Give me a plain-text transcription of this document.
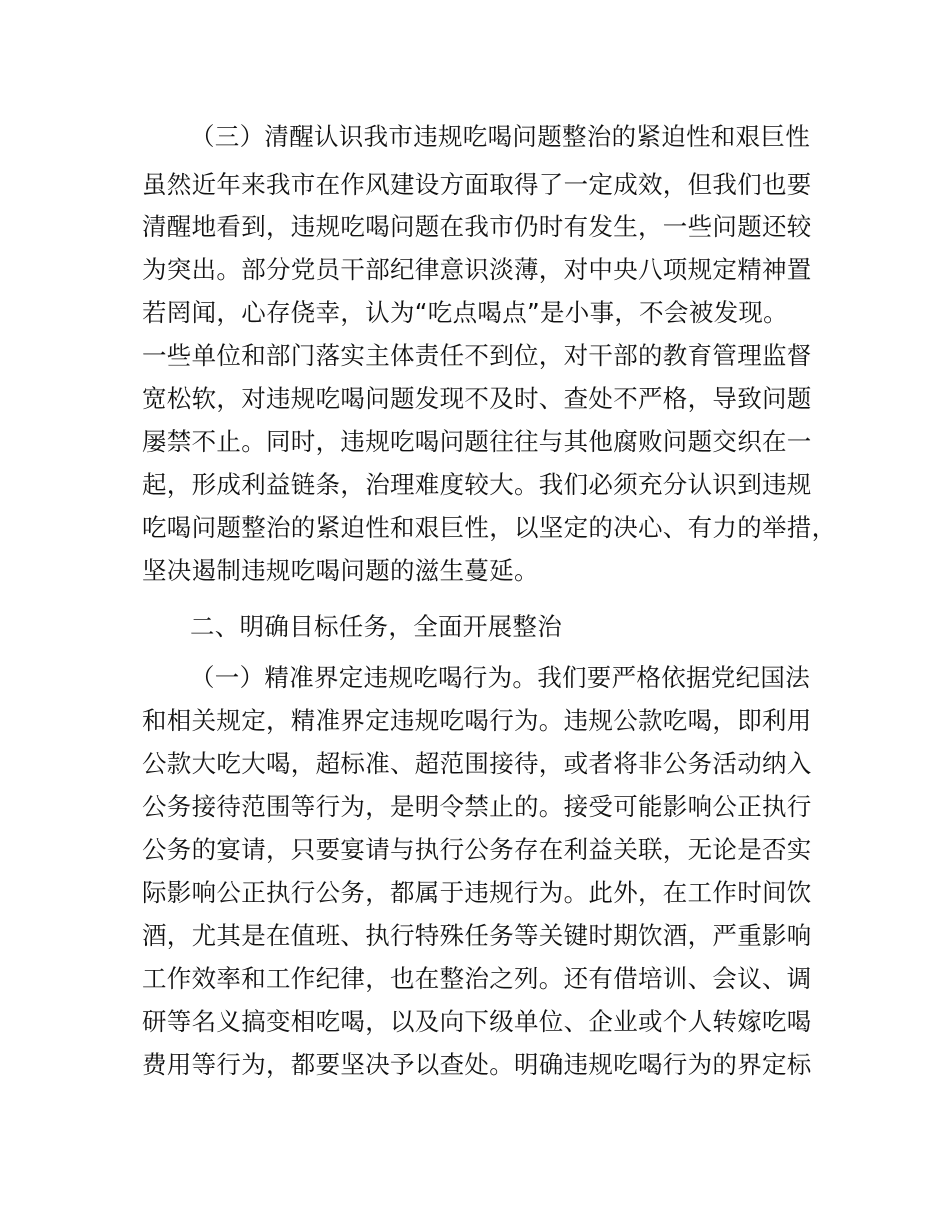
（三）清醒认识我市违规吃喝问题整治的紧迫性和艰巨性
虽然近年来我市在作风建设方面取得了一定成效，但我们也要
清醒地看到，违规吃喝问题在我市仍时有发生，一些问题还较
为突出。部分党员干部纪律意识淡薄，对中央八项规定精神置
若罔闻，心存侥幸，认为“吃点喝点”是小事，不会被发现。
一些单位和部门落实主体责任不到位，对干部的教育管理监督
宽松软，对违规吃喝问题发现不及时、查处不严格，导致问题
屡禁不止。同时，违规吃喝问题往往与其他腐败问题交织在一
起，形成利益链条，治理难度较大。我们必须充分认识到违规
吃喝问题整治的紧迫性和艰巨性，以坚定的决心、有力的举措，
坚决遏制违规吃喝问题的滋生蔓延。
二、明确目标任务，全面开展整治
（一）精准界定违规吃喝行为。我们要严格依据党纪国法
和相关规定，精准界定违规吃喝行为。违规公款吃喝，即利用
公款大吃大喝，超标准、超范围接待，或者将非公务活动纳入
公务接待范围等行为，是明令禁止的。接受可能影响公正执行
公务的宴请，只要宴请与执行公务存在利益关联，无论是否实
际影响公正执行公务，都属于违规行为。此外，在工作时间饮
酒，尤其是在值班、执行特殊任务等关键时期饮酒，严重影响
工作效率和工作纪律，也在整治之列。还有借培训、会议、调
研等名义搞变相吃喝，以及向下级单位、企业或个人转嫁吃喝
费用等行为，都要坚决予以查处。明确违规吃喝行为的界定标
